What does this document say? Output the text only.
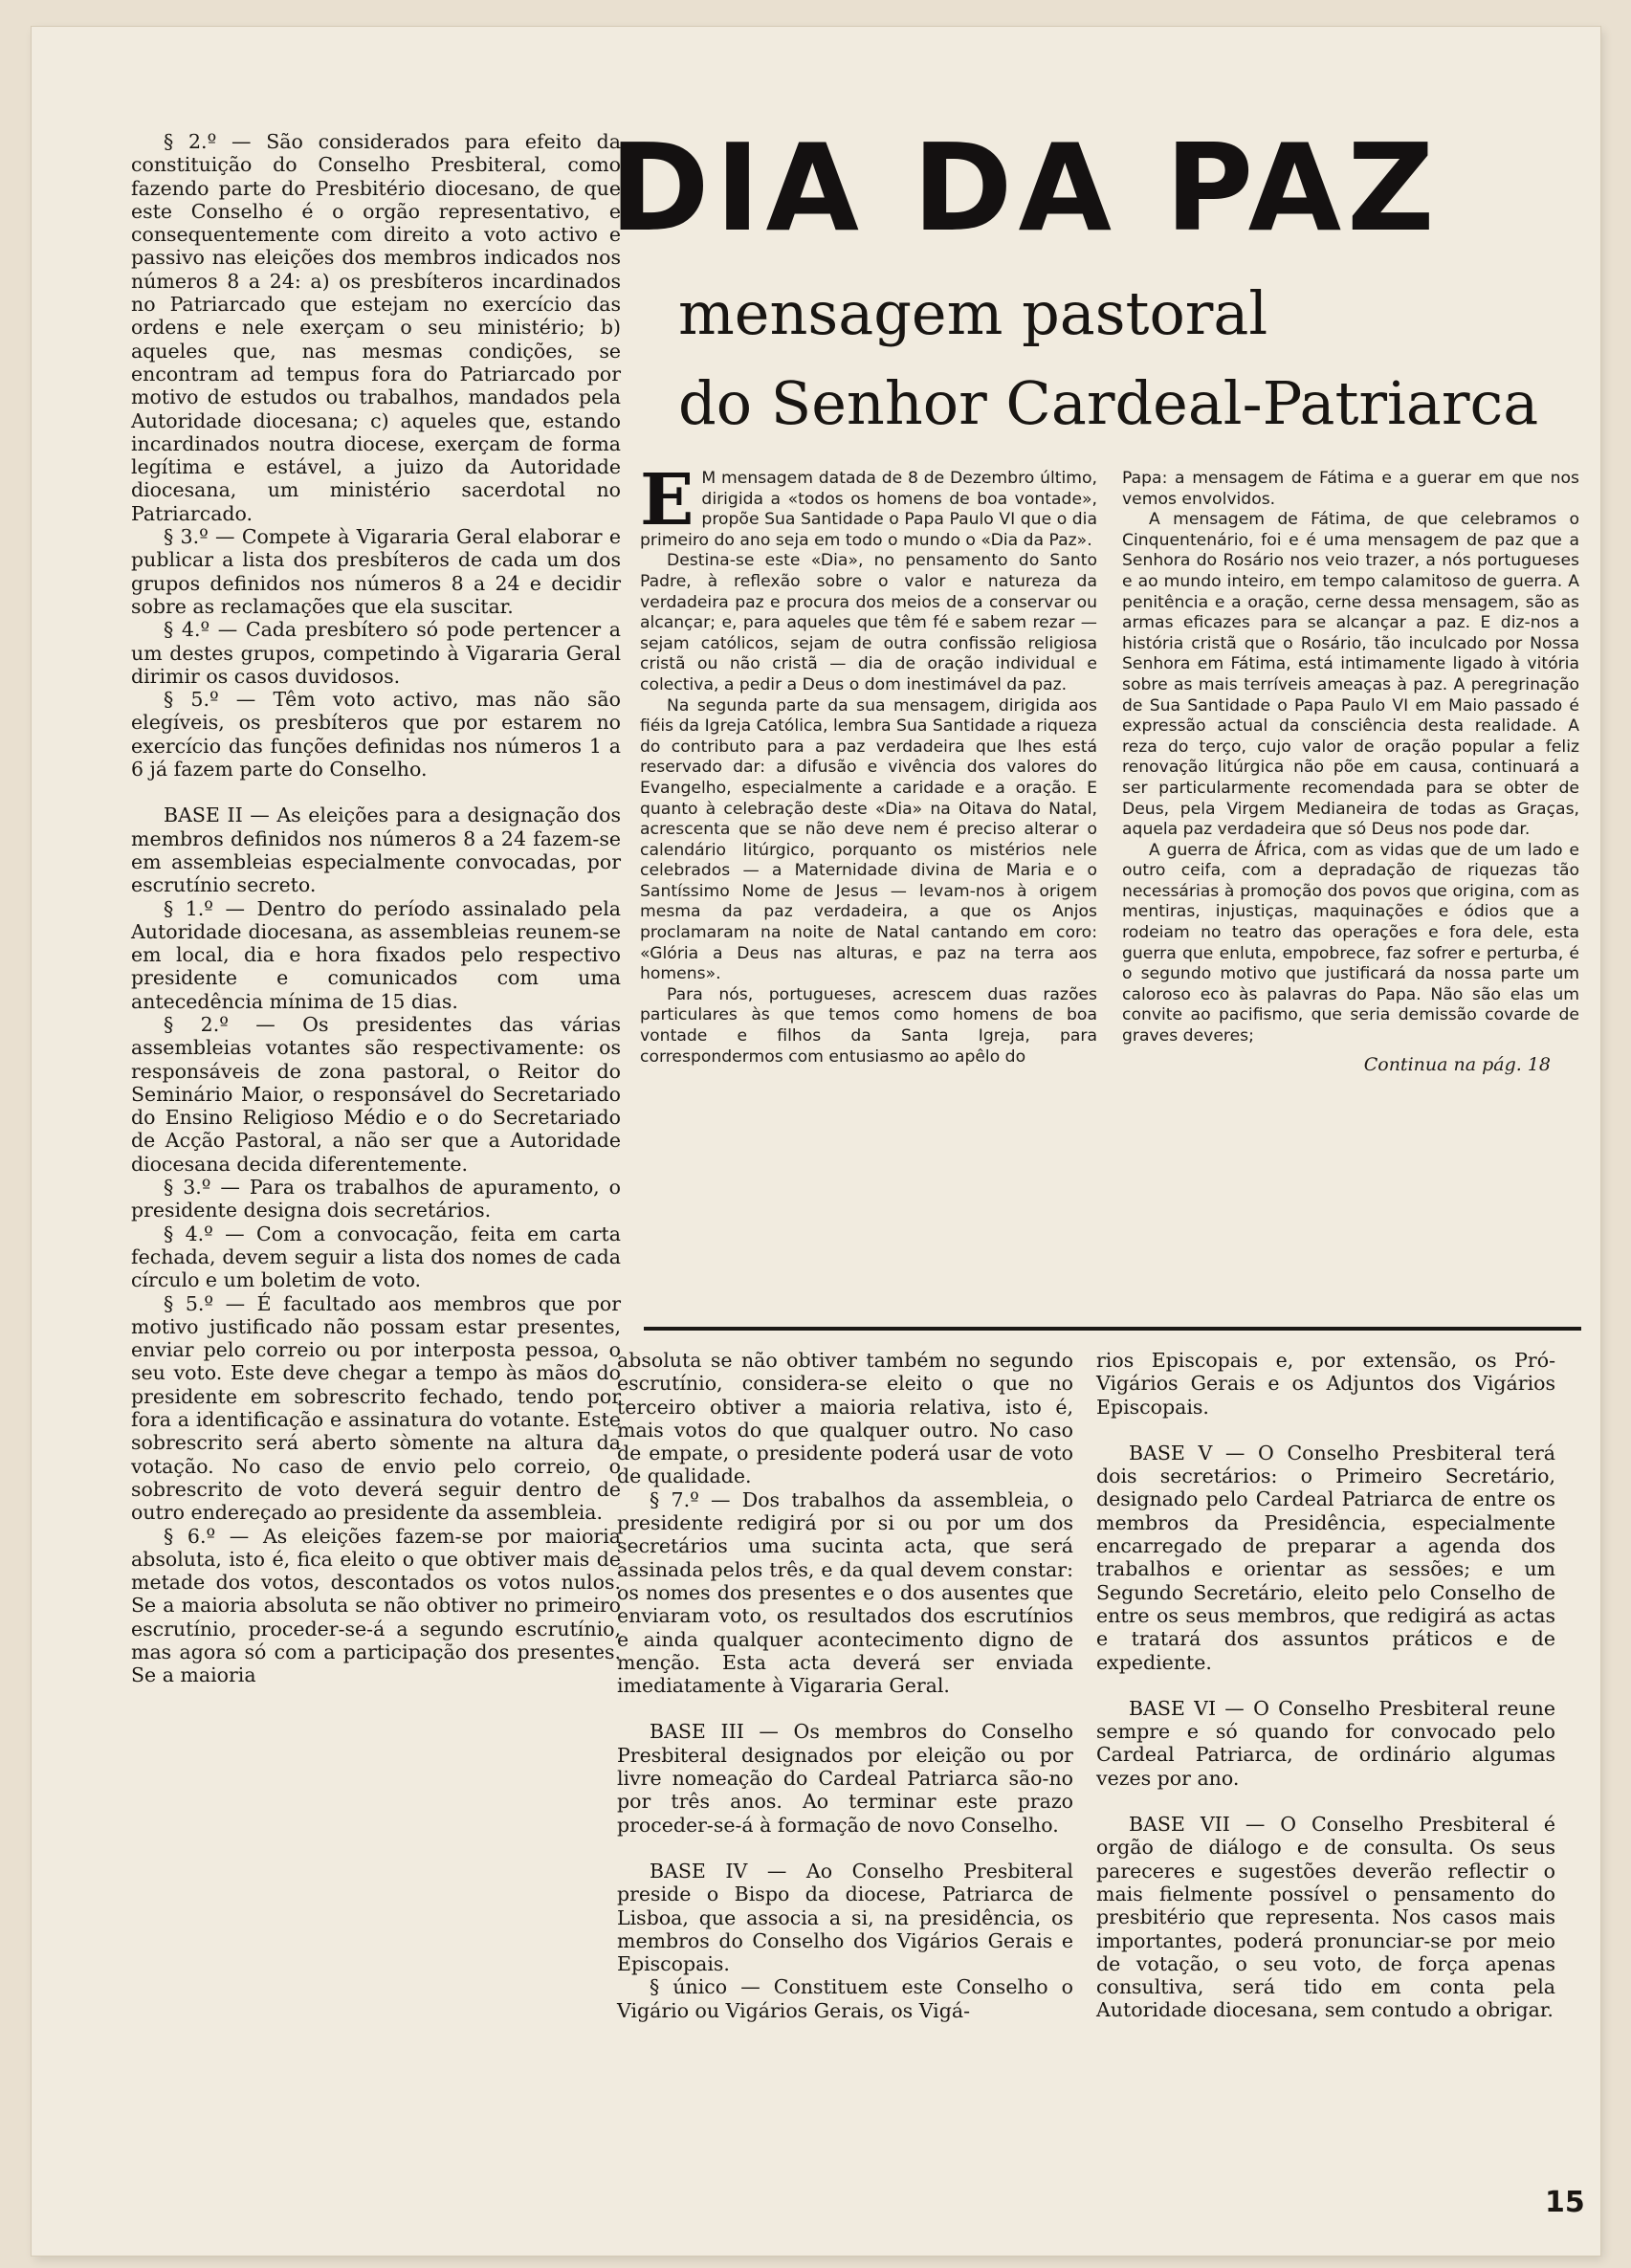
§ 2.º — São considerados para efeito da constituição do Conselho Presbiteral, como fazendo parte do Presbitério diocesano, de que este Conselho é o orgão representativo, e consequentemente com direito a voto activo e passivo nas eleições dos membros indicados nos números 8 a 24: a) os presbíteros incardinados no Patriarcado que estejam no exercício das ordens e nele exerçam o seu ministério; b) aqueles que, nas mesmas condições, se encontram ad tempus fora do Patriarcado por motivo de estudos ou trabalhos, mandados pela Autoridade diocesana; c) aqueles que, estando incardinados noutra diocese, exerçam de forma legítima e estável, a juizo da Autoridade diocesana, um ministério sacerdotal no Patriarcado.

§ 3.º — Compete à Vigararia Geral elaborar e publicar a lista dos presbíteros de cada um dos grupos definidos nos números 8 a 24 e decidir sobre as reclamações que ela suscitar.

§ 4.º — Cada presbítero só pode pertencer a um destes grupos, competindo à Vigararia Geral dirimir os casos duvidosos.

§ 5.º — Têm voto activo, mas não são elegíveis, os presbíteros que por estarem no exercício das funções definidas nos números 1 a 6 já fazem parte do Conselho.

BASE II — As eleições para a designação dos membros definidos nos números 8 a 24 fazem-se em assembleias especialmente convocadas, por escrutínio secreto.

§ 1.º — Dentro do período assinalado pela Autoridade diocesana, as assembleias reunem-se em local, dia e hora fixados pelo respectivo presidente e comunicados com uma antecedência mínima de 15 dias.

§ 2.º — Os presidentes das várias assembleias votantes são respectivamente: os responsáveis de zona pastoral, o Reitor do Seminário Maior, o responsável do Secretariado do Ensino Religioso Médio e o do Secretariado de Acção Pastoral, a não ser que a Autoridade diocesana decida diferentemente.

§ 3.º — Para os trabalhos de apuramento, o presidente designa dois secretários.

§ 4.º — Com a convocação, feita em carta fechada, devem seguir a lista dos nomes de cada círculo e um boletim de voto.

§ 5.º — É facultado aos membros que por motivo justificado não possam estar presentes, enviar pelo correio ou por interposta pessoa, o seu voto. Este deve chegar a tempo às mãos do presidente em sobrescrito fechado, tendo por fora a identificação e assinatura do votante. Este sobrescrito será aberto sòmente na altura da votação. No caso de envio pelo correio, o sobrescrito de voto deverá seguir dentro de outro endereçado ao presidente da assembleia.

§ 6.º — As eleições fazem-se por maioria absoluta, isto é, fica eleito o que obtiver mais de metade dos votos, descontados os votos nulos. Se a maioria absoluta se não obtiver no primeiro escrutínio, proceder-se-á a segundo escrutínio, mas agora só com a participação dos presentes. Se a maioria

DIA DA PAZ
mensagem pastoral
do Senhor Cardeal-Patriarca

E M mensagem datada de 8 de Dezembro último, dirigida a «todos os homens de boa vontade», propõe Sua Santidade o Papa Paulo VI que o dia primeiro do ano seja em todo o mundo o «Dia da Paz».

Destina-se este «Dia», no pensamento do Santo Padre, à reflexão sobre o valor e natureza da verdadeira paz e procura dos meios de a conservar ou alcançar; e, para aqueles que têm fé e sabem rezar — sejam católicos, sejam de outra confissão religiosa cristã ou não cristã — dia de oração individual e colectiva, a pedir a Deus o dom inestimável da paz.

Na segunda parte da sua mensagem, dirigida aos fiéis da Igreja Católica, lembra Sua Santidade a riqueza do contributo para a paz verdadeira que lhes está reservado dar: a difusão e vivência dos valores do Evangelho, especialmente a caridade e a oração. E quanto à celebração deste «Dia» na Oitava do Natal, acrescenta que se não deve nem é preciso alterar o calendário litúrgico, porquanto os mistérios nele celebrados — a Maternidade divina de Maria e o Santíssimo Nome de Jesus — levam-nos à origem mesma da paz verdadeira, a que os Anjos proclamaram na noite de Natal cantando em coro: «Glória a Deus nas alturas, e paz na terra aos homens».

Para nós, portugueses, acrescem duas razões particulares às que temos como homens de boa vontade e filhos da Santa Igreja, para correspondermos com entusiasmo ao apêlo do

Papa: a mensagem de Fátima e a guerar em que nos vemos envolvidos.

A mensagem de Fátima, de que celebramos o Cinquentenário, foi e é uma mensagem de paz que a Senhora do Rosário nos veio trazer, a nós portugueses e ao mundo inteiro, em tempo calamitoso de guerra. A penitência e a oração, cerne dessa mensagem, são as armas eficazes para se alcançar a paz. E diz-nos a história cristã que o Rosário, tão inculcado por Nossa Senhora em Fátima, está intimamente ligado à vitória sobre as mais terríveis ameaças à paz. A peregrinação de Sua Santidade o Papa Paulo VI em Maio passado é expressão actual da consciência desta realidade. A reza do terço, cujo valor de oração popular a feliz renovação litúrgica não põe em causa, continuará a ser particularmente recomendada para se obter de Deus, pela Virgem Medianeira de todas as Graças, aquela paz verdadeira que só Deus nos pode dar.

A guerra de África, com as vidas que de um lado e outro ceifa, com a depradação de riquezas tão necessárias à promoção dos povos que origina, com as mentiras, injustiças, maquinações e ódios que a rodeiam no teatro das operações e fora dele, esta guerra que enluta, empobrece, faz sofrer e perturba, é o segundo motivo que justificará da nossa parte um caloroso eco às palavras do Papa. Não são elas um convite ao pacifismo, que seria demissão covarde de graves deveres;

Continua na pág. 18

absoluta se não obtiver também no segundo escrutínio, considera-se eleito o que no terceiro obtiver a maioria relativa, isto é, mais votos do que qualquer outro. No caso de empate, o presidente poderá usar de voto de qualidade.

§ 7.º — Dos trabalhos da assembleia, o presidente redigirá por si ou por um dos secretários uma sucinta acta, que será assinada pelos três, e da qual devem constar: os nomes dos presentes e o dos ausentes que enviaram voto, os resultados dos escrutínios e ainda qualquer acontecimento digno de menção. Esta acta deverá ser enviada imediatamente à Vigararia Geral.

BASE III — Os membros do Conselho Presbiteral designados por eleição ou por livre nomeação do Cardeal Patriarca são-no por três anos. Ao terminar este prazo proceder-se-á à formação de novo Conselho.

BASE IV — Ao Conselho Presbiteral preside o Bispo da diocese, Patriarca de Lisboa, que associa a si, na presidência, os membros do Conselho dos Vigários Gerais e Episcopais.

§ único — Constituem este Conselho o Vigário ou Vigários Gerais, os Vigá-

rios Episcopais e, por extensão, os Pró-Vigários Gerais e os Adjuntos dos Vigários Episcopais.

BASE V — O Conselho Presbiteral terá dois secretários: o Primeiro Secretário, designado pelo Cardeal Patriarca de entre os membros da Presidência, especialmente encarregado de preparar a agenda dos trabalhos e orientar as sessões; e um Segundo Secretário, eleito pelo Conselho de entre os seus membros, que redigirá as actas e tratará dos assuntos práticos e de expediente.

BASE VI — O Conselho Presbiteral reune sempre e só quando for convocado pelo Cardeal Patriarca, de ordinário algumas vezes por ano.

BASE VII — O Conselho Presbiteral é orgão de diálogo e de consulta. Os seus pareceres e sugestões deverão reflectir o mais fielmente possível o pensamento do presbitério que representa. Nos casos mais importantes, poderá pronunciar-se por meio de votação, o seu voto, de força apenas consultiva, será tido em conta pela Autoridade diocesana, sem contudo a obrigar.

15
